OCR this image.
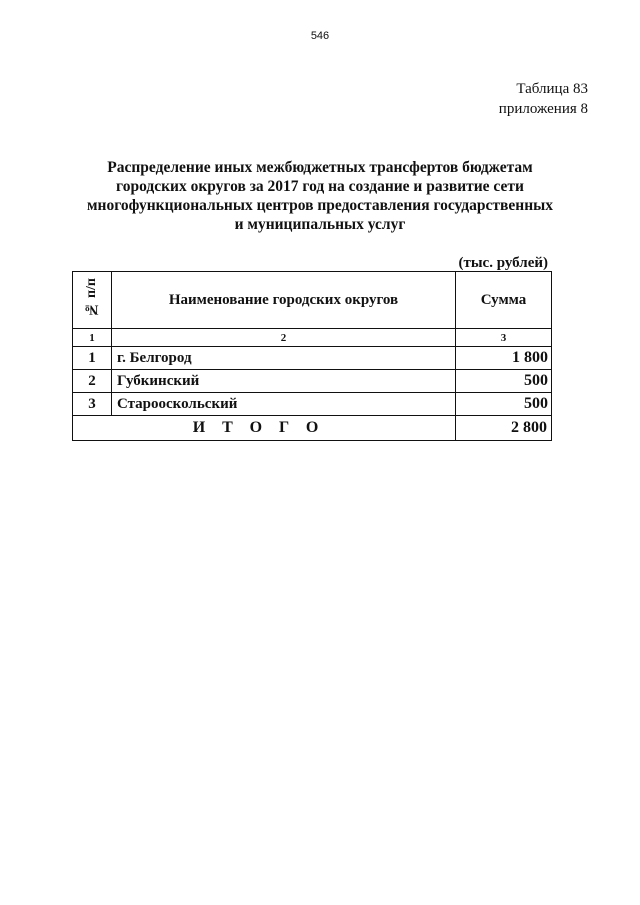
546
Таблица 83
приложения 8
Распределение иных межбюджетных трансфертов бюджетам
городских округов за 2017 год на создание и развитие сети
многофункциональных центров предоставления государственных
и муниципальных услуг
(тыс. рублей)
№ п/п	Наименование городских округов	Сумма
1	2	3
1	г. Белгород	1 800
2	Губкинский	500
3	Старооскольский	500
ИТОГО		2 800
